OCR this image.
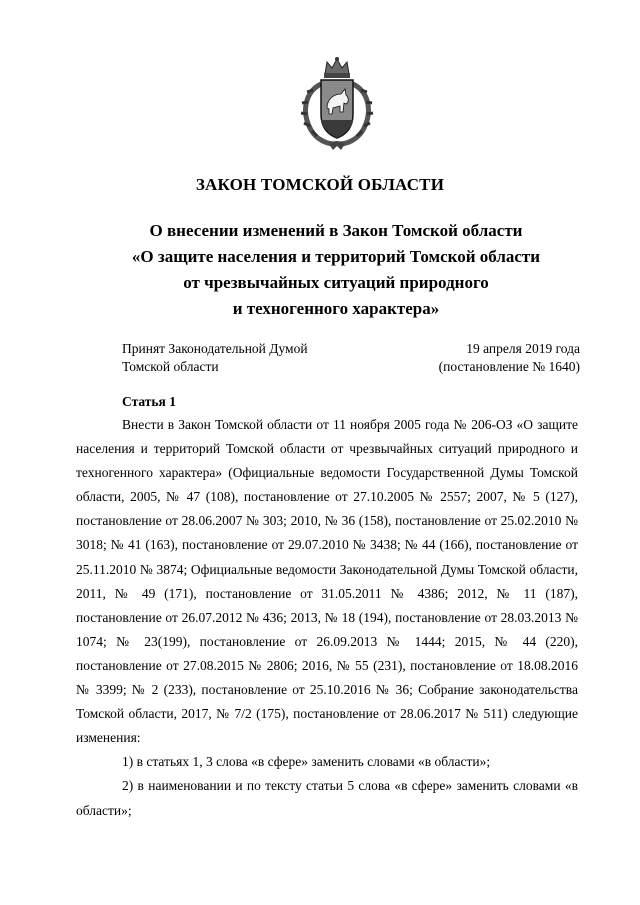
ЗАКОН ТОМСКОЙ ОБЛАСТИ
О внесении изменений в Закон Томской области
«О защите населения и территорий Томской области
от чрезвычайных ситуаций природного
и техногенного характера»
Принят Законодательной Думой
Томской области
19 апреля 2019 года
(постановление № 1640)
Статья 1

Внести в Закон Томской области от 11 ноября 2005 года № 206-ОЗ «О защите населения и территорий Томской области от чрезвычайных ситуаций природного и техногенного характера» (Официальные ведомости Государственной Думы Томской области, 2005, № 47 (108), постановление от 27.10.2005 № 2557; 2007, № 5 (127), постановление от 28.06.2007 № 303; 2010, № 36 (158), постановление от 25.02.2010 № 3018; № 41 (163), постановление от 29.07.2010 № 3438; № 44 (166), постановление от 25.11.2010 № 3874; Официальные ведомости Законодательной Думы Томской области, 2011, № 49 (171), постановление от 31.05.2011 № 4386; 2012, № 11 (187), постановление от 26.07.2012 № 436; 2013, № 18 (194), постановление от 28.03.2013 № 1074; № 23(199), постановление от 26.09.2013 № 1444; 2015, № 44 (220), постановление от 27.08.2015 № 2806; 2016, № 55 (231), постановление от 18.08.2016 № 3399; № 2 (233), постановление от 25.10.2016 № 36; Собрание законодательства Томской области, 2017, № 7/2 (175), постановление от 28.06.2017 № 511) следующие изменения:

1) в статьях 1, 3 слова «в сфере» заменить словами «в области»;

2) в наименовании и по тексту статьи 5 слова «в сфере» заменить словами «в области»;
